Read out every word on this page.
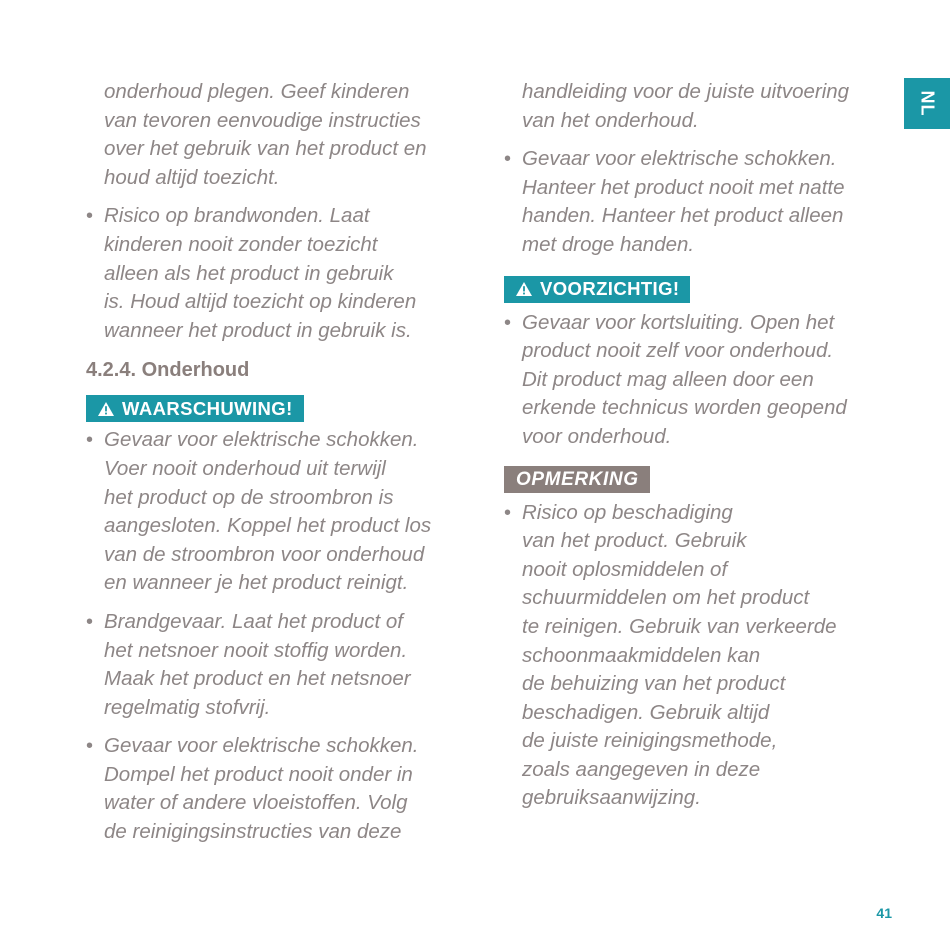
onderhoud plegen. Geef kinderen
van tevoren eenvoudige instructies
over het gebruik van het product en
houd altijd toezicht.

• Risico op brandwonden. Laat
kinderen nooit zonder toezicht
alleen als het product in gebruik
is. Houd altijd toezicht op kinderen
wanneer het product in gebruik is.

4.2.4. Onderhoud
WAARSCHUWING!
• Gevaar voor elektrische schokken.
Voer nooit onderhoud uit terwijl
het product op de stroombron is
aangesloten. Koppel het product los
van de stroombron voor onderhoud
en wanneer je het product reinigt.

• Brandgevaar. Laat het product of
het netsnoer nooit stoffig worden.
Maak het product en het netsnoer
regelmatig stofvrij.

• Gevaar voor elektrische schokken.
Dompel het product nooit onder in
water of andere vloeistoffen. Volg
de reinigingsinstructies van deze

handleiding voor de juiste uitvoering
van het onderhoud.

• Gevaar voor elektrische schokken.
Hanteer het product nooit met natte
handen. Hanteer het product alleen
met droge handen.

VOORZICHTIG!
• Gevaar voor kortsluiting. Open het
product nooit zelf voor onderhoud.
Dit product mag alleen door een
erkende technicus worden geopend
voor onderhoud.

OPMERKING
• Risico op beschadiging
van het product. Gebruik
nooit oplosmiddelen of
schuurmiddelen om het product
te reinigen. Gebruik van verkeerde
schoonmaakmiddelen kan
de behuizing van het product
beschadigen. Gebruik altijd
de juiste reinigingsmethode,
zoals aangegeven in deze
gebruiksaanwijzing.

NL
41
